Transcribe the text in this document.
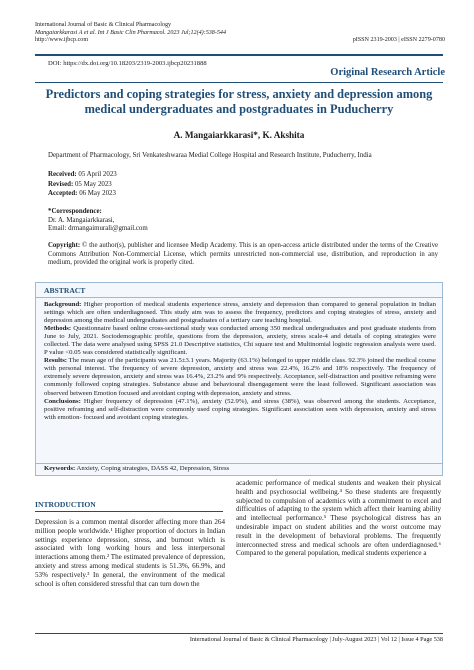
International Journal of Basic & Clinical Pharmacology
Mangaiarkkarasi A et al. Int J Basic Clin Pharmacol. 2023 Jul;12(4):538-544
http://www.ijbcp.com	pISSN 2319-2003 | eISSN 2279-0780
DOI: https://dx.doi.org/10.18203/2319-2003.ijbcp20231888
Original Research Article
Predictors and coping strategies for stress, anxiety and depression among medical undergraduates and postgraduates in Puducherry
A. Mangaiarkkarasi*, K. Akshita
Department of Pharmacology, Sri Venkateshwaraa Medial College Hospital and Research Institute, Puducherry, India
Received: 05 April 2023
Revised: 05 May 2023
Accepted: 06 May 2023
*Correspondence:
Dr. A. Mangaiarkkarasi,
Email: drmangaimurali@gmail.com
Copyright: © the author(s), publisher and licensee Medip Academy. This is an open-access article distributed under the terms of the Creative Commons Attribution Non-Commercial License, which permits unrestricted non-commercial use, distribution, and reproduction in any medium, provided the original work is properly cited.
ABSTRACT

Background: Higher proportion of medical students experience stress, anxiety and depression than compared to general population in Indian settings which are often underdiagnosed. This study aim was to assess the frequency, predictors and coping strategies of stress, anxiety and depression among the medical undergraduates and postgraduates of a tertiary care teaching hospital.

Methods: Questionnaire based online cross-sectional study was conducted among 350 medical undergraduates and post graduate students from June to July, 2021. Sociodemographic profile, questions from the depression, anxiety, stress scale-4 and details of coping strategies were collected. The data were analysed using SPSS 21.0 Descriptive statistics, Chi square test and Multinomial logistic regression analysis were used. P value <0.05 was considered statistically significant.

Results: The mean age of the participants was 21.5±3.1 years. Majority (63.1%) belonged to upper middle class. 92.3% joined the medical course with personal interest. The frequency of severe depression, anxiety and stress was 22.4%, 16.2% and 18% respectively. The frequency of extremely severe depression, anxiety and stress was 16.4%, 23.2% and 9% respectively. Acceptance, self-distraction and positive reframing were commonly followed coping strategies. Substance abuse and behavioural disengagement were the least followed. Significant association was observed between Emotion focused and avoidant coping with depression, anxiety and stress.

Conclusions: Higher frequency of depression (47.1%), anxiety (52.9%), and stress (38%), was observed among the students. Acceptance, positive reframing and self-distraction were commonly used coping strategies. Significant association seen with depression, anxiety and stress with emotion- focused and avoidant coping strategies.

Keywords: Anxiety, Coping strategies, DASS 42, Depression, Stress
INTRODUCTION
Depression is a common mental disorder affecting more than 264 million people worldwide.¹ Higher proportion of doctors in Indian settings experience depression, stress, and burnout which is associated with long working hours and less interpersonal interactions among them.² The estimated prevalence of depression, anxiety and stress among medical students is 51.3%, 66.9%, and 53% respectively.³ In general, the environment of the medical school is often considered stressful that can turn down the
academic performance of medical students and weaken their physical health and psychosocial wellbeing.⁴ So these students are frequently subjected to compulsion of academics with a commitment to excel and difficulties of adapting to the system which affect their learning ability and intellectual performance.⁵ These psychological distress has an undesirable impact on student abilities and the worst outcome may result in the development of behavioral problems. The frequently interconnected stress and medical schools are often underdiagnosed.⁶ Compared to the general population, medical students experience a
International Journal of Basic & Clinical Pharmacology | July-August 2023 | Vol 12 | Issue 4 Page 538
